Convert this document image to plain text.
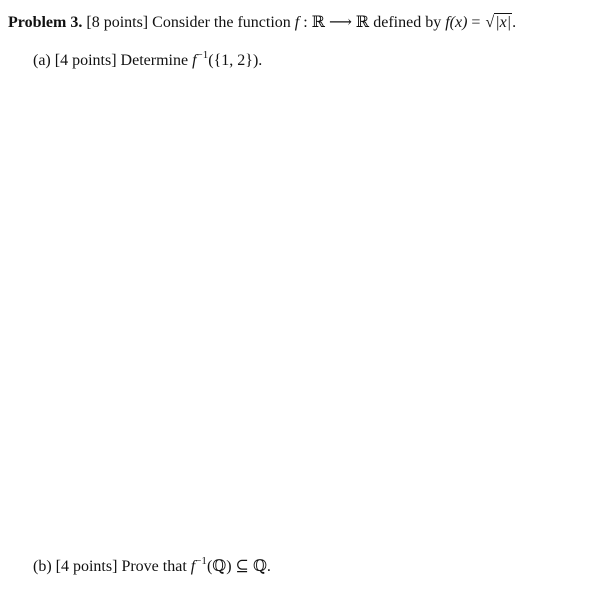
Problem 3. [8 points] Consider the function f : ℝ ⟶ ℝ defined by f(x) = √|x|.
(a) [4 points] Determine $f^{-1}(\{1$, 2}).
(b) [4 points] Prove that $f^{-1}(ℚ)$ ⊆ ℚ.
